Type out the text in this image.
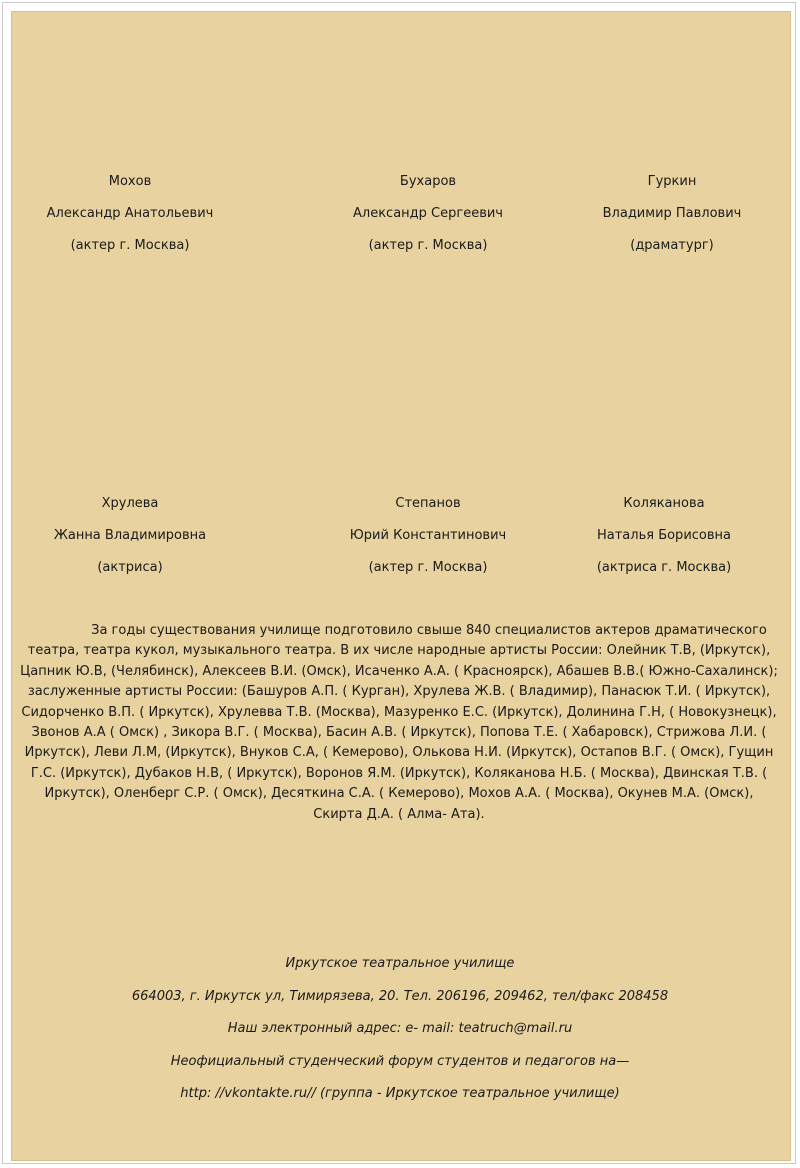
Мохов
Александр Анатольевич
(актер г. Москва)
Бухаров
Александр Сергеевич
(актер г. Москва)
Гуркин
Владимир Павлович
(драматург)
Хрулева
Жанна Владимировна
(актриса)
Степанов
Юрий Константинович
(актер г. Москва)
Коляканова
Наталья Борисовна
(актриса г. Москва)
За годы существования училище подготовило свыше 840 специалистов актеров драматического театра, театра кукол, музыкального театра. В их числе народные артисты России: Олейник Т.В, (Иркутск), Цапник Ю.В, (Челябинск), Алексеев В.И. (Омск), Исаченко А.А. ( Красноярск), Абашев В.В.( Южно-Сахалинск); заслуженные артисты России: (Башуров А.П. ( Курган), Хрулева Ж.В. ( Владимир), Панасюк Т.И. ( Иркутск), Сидорченко В.П. ( Иркутск), Хрулевва Т.В. (Москва), Мазуренко Е.С. (Иркутск), Долинина Г.Н, ( Новокузнецк), Звонов А.А ( Омск) , Зикора В.Г. ( Москва), Басин А.В. ( Иркутск), Попова Т.Е. ( Хабаровск), Стрижова Л.И. ( Иркутск), Леви Л.М, (Иркутск), Внуков С.А, ( Кемерово), Олькова Н.И. (Иркутск), Остапов В.Г. ( Омск), Гущин Г.С. (Иркутск), Дубаков Н.В, ( Иркутск), Воронов Я.М. (Иркутск), Коляканова Н.Б. ( Москва), Двинская Т.В. ( Иркутск), Оленберг С.Р. ( Омск), Десяткина С.А. ( Кемерово), Мохов А.А. ( Москва), Окунев М.А. (Омск), Скирта Д.А. ( Алма- Ата).
Иркутское театральное училище
664003, г. Иркутск ул, Тимирязева, 20. Тел. 206196, 209462, тел/факс 208458
Наш электронный адрес: е- mail: teatruch@mail.ru
Неофициальный студенческий форум студентов и педагогов на—
http: //vkontakte.ru// (группа - Иркутское театральное училище)
